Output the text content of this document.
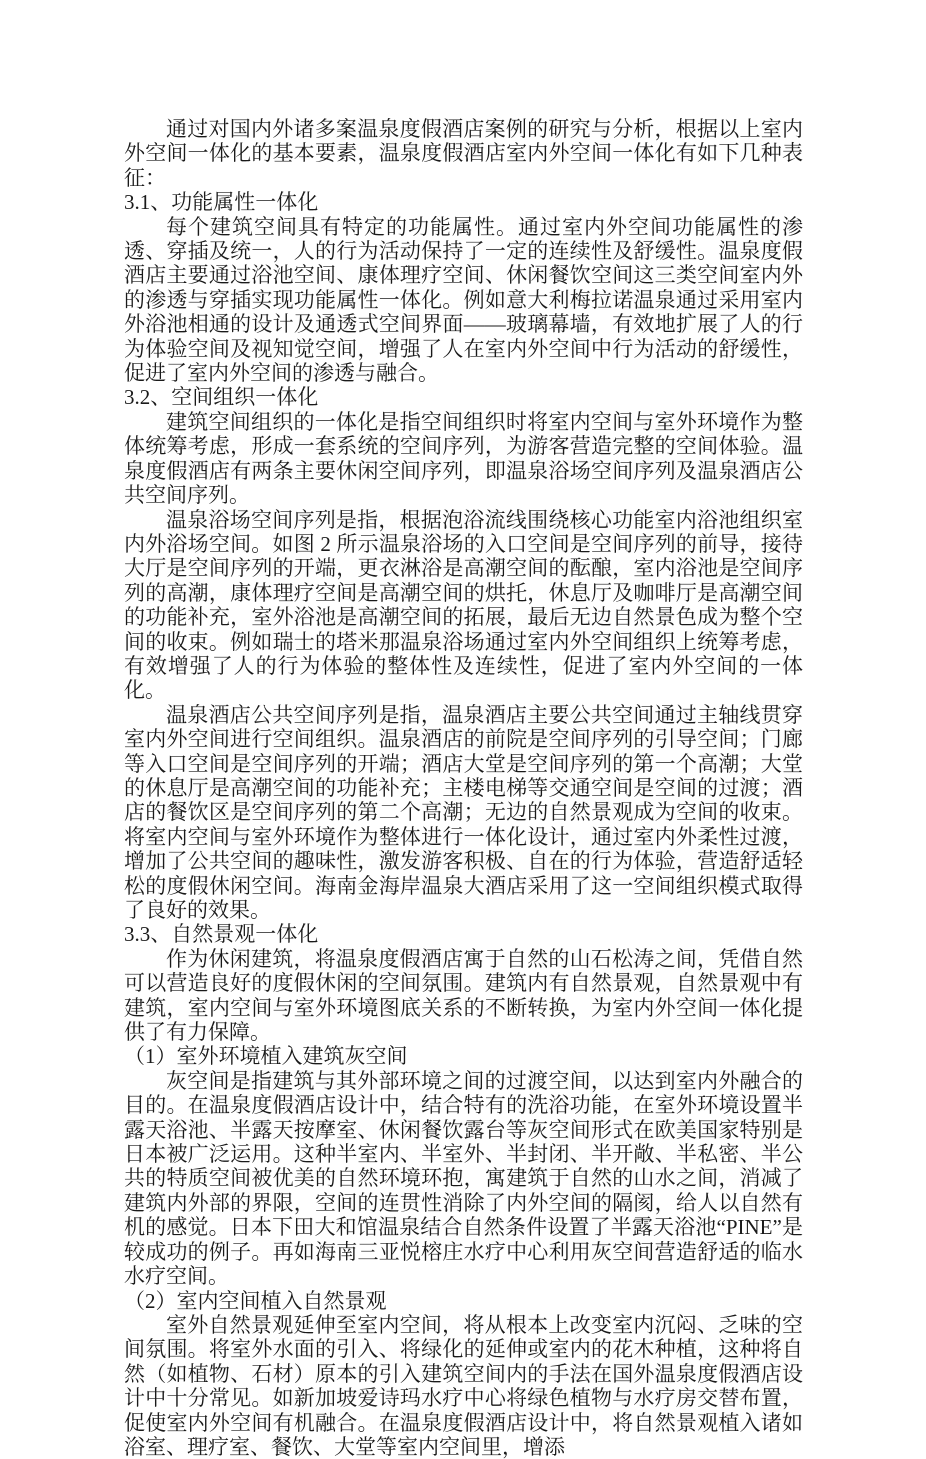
通过对国内外诸多案温泉度假酒店案例的研究与分析，根据以上室内外空间一体化的基本要素，温泉度假酒店室内外空间一体化有如下几种表征：

3.1、功能属性一体化

每个建筑空间具有特定的功能属性。通过室内外空间功能属性的渗透、穿插及统一，人的行为活动保持了一定的连续性及舒缓性。温泉度假酒店主要通过浴池空间、康体理疗空间、休闲餐饮空间这三类空间室内外的渗透与穿插实现功能属性一体化。例如意大利梅拉诺温泉通过采用室内外浴池相通的设计及通透式空间界面——玻璃幕墙，有效地扩展了人的行为体验空间及视知觉空间，增强了人在室内外空间中行为活动的舒缓性，促进了室内外空间的渗透与融合。

3.2、空间组织一体化

建筑空间组织的一体化是指空间组织时将室内空间与室外环境作为整体统筹考虑，形成一套系统的空间序列，为游客营造完整的空间体验。温泉度假酒店有两条主要休闲空间序列，即温泉浴场空间序列及温泉酒店公共空间序列。

温泉浴场空间序列是指，根据泡浴流线围绕核心功能室内浴池组织室内外浴场空间。如图 2 所示温泉浴场的入口空间是空间序列的前导，接待大厅是空间序列的开端，更衣淋浴是高潮空间的酝酿，室内浴池是空间序列的高潮，康体理疗空间是高潮空间的烘托，休息厅及咖啡厅是高潮空间的功能补充，室外浴池是高潮空间的拓展，最后无边自然景色成为整个空间的收束。例如瑞士的塔米那温泉浴场通过室内外空间组织上统筹考虑，有效增强了人的行为体验的整体性及连续性，促进了室内外空间的一体化。

温泉酒店公共空间序列是指，温泉酒店主要公共空间通过主轴线贯穿室内外空间进行空间组织。温泉酒店的前院是空间序列的引导空间；门廊等入口空间是空间序列的开端；酒店大堂是空间序列的第一个高潮；大堂的休息厅是高潮空间的功能补充；主楼电梯等交通空间是空间的过渡；酒店的餐饮区是空间序列的第二个高潮；无边的自然景观成为空间的收束。将室内空间与室外环境作为整体进行一体化设计，通过室内外柔性过渡，增加了公共空间的趣味性，激发游客积极、自在的行为体验，营造舒适轻松的度假休闲空间。海南金海岸温泉大酒店采用了这一空间组织模式取得了良好的效果。

3.3、自然景观一体化

作为休闲建筑，将温泉度假酒店寓于自然的山石松涛之间，凭借自然可以营造良好的度假休闲的空间氛围。建筑内有自然景观，自然景观中有建筑，室内空间与室外环境图底关系的不断转换，为室内外空间一体化提供了有力保障。

（1）室外环境植入建筑灰空间

灰空间是指建筑与其外部环境之间的过渡空间，以达到室内外融合的目的。在温泉度假酒店设计中，结合特有的洗浴功能，在室外环境设置半露天浴池、半露天按摩室、休闲餐饮露台等灰空间形式在欧美国家特别是日本被广泛运用。这种半室内、半室外、半封闭、半开敞、半私密、半公共的特质空间被优美的自然环境环抱，寓建筑于自然的山水之间，消减了建筑内外部的界限，空间的连贯性消除了内外空间的隔阂，给人以自然有机的感觉。日本下田大和馆温泉结合自然条件设置了半露天浴池“PINE”是较成功的例子。再如海南三亚悦榕庄水疗中心利用灰空间营造舒适的临水水疗空间。

（2）室内空间植入自然景观

室外自然景观延伸至室内空间，将从根本上改变室内沉闷、乏味的空间氛围。将室外水面的引入、将绿化的延伸或室内的花木种植，这种将自然（如植物、石材）原本的引入建筑空间内的手法在国外温泉度假酒店设计中十分常见。如新加坡爱诗玛水疗中心将绿色植物与水疗房交替布置，促使室内外空间有机融合。在温泉度假酒店设计中，将自然景观植入诸如浴室、理疗室、餐饮、大堂等室内空间里，增添
